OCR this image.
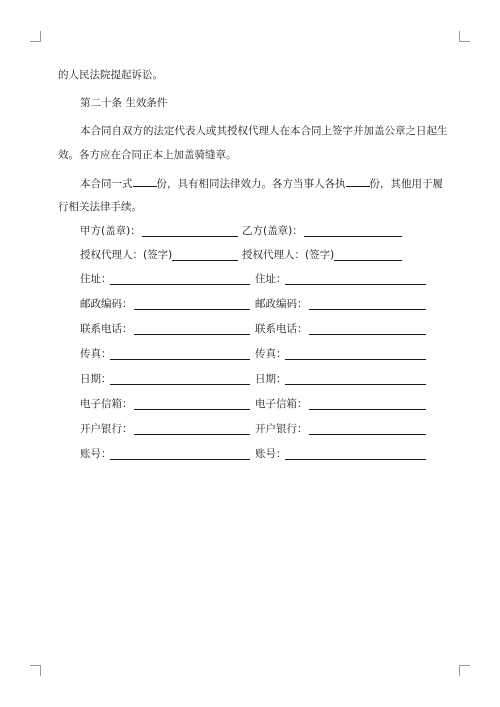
的人民法院提起诉讼。
第二十条 生效条件
本合同自双方的法定代表人或其授权代理人在本合同上签字并加盖公章之日起生
效。各方应在合同正本上加盖骑缝章。
本合同一式 份，具有相同法律效力。各方当事人各执 份，其他用于履
行相关法律手续。
甲方(盖章)：	乙方(盖章)：
授权代理人：(签字)	授权代理人：(签字)
住址：	住址：
邮政编码：	邮政编码：
联系电话：	联系电话：
传真：	传真：
日期：	日期：
电子信箱：	电子信箱：
开户银行：	开户银行：
账号：	账号：
